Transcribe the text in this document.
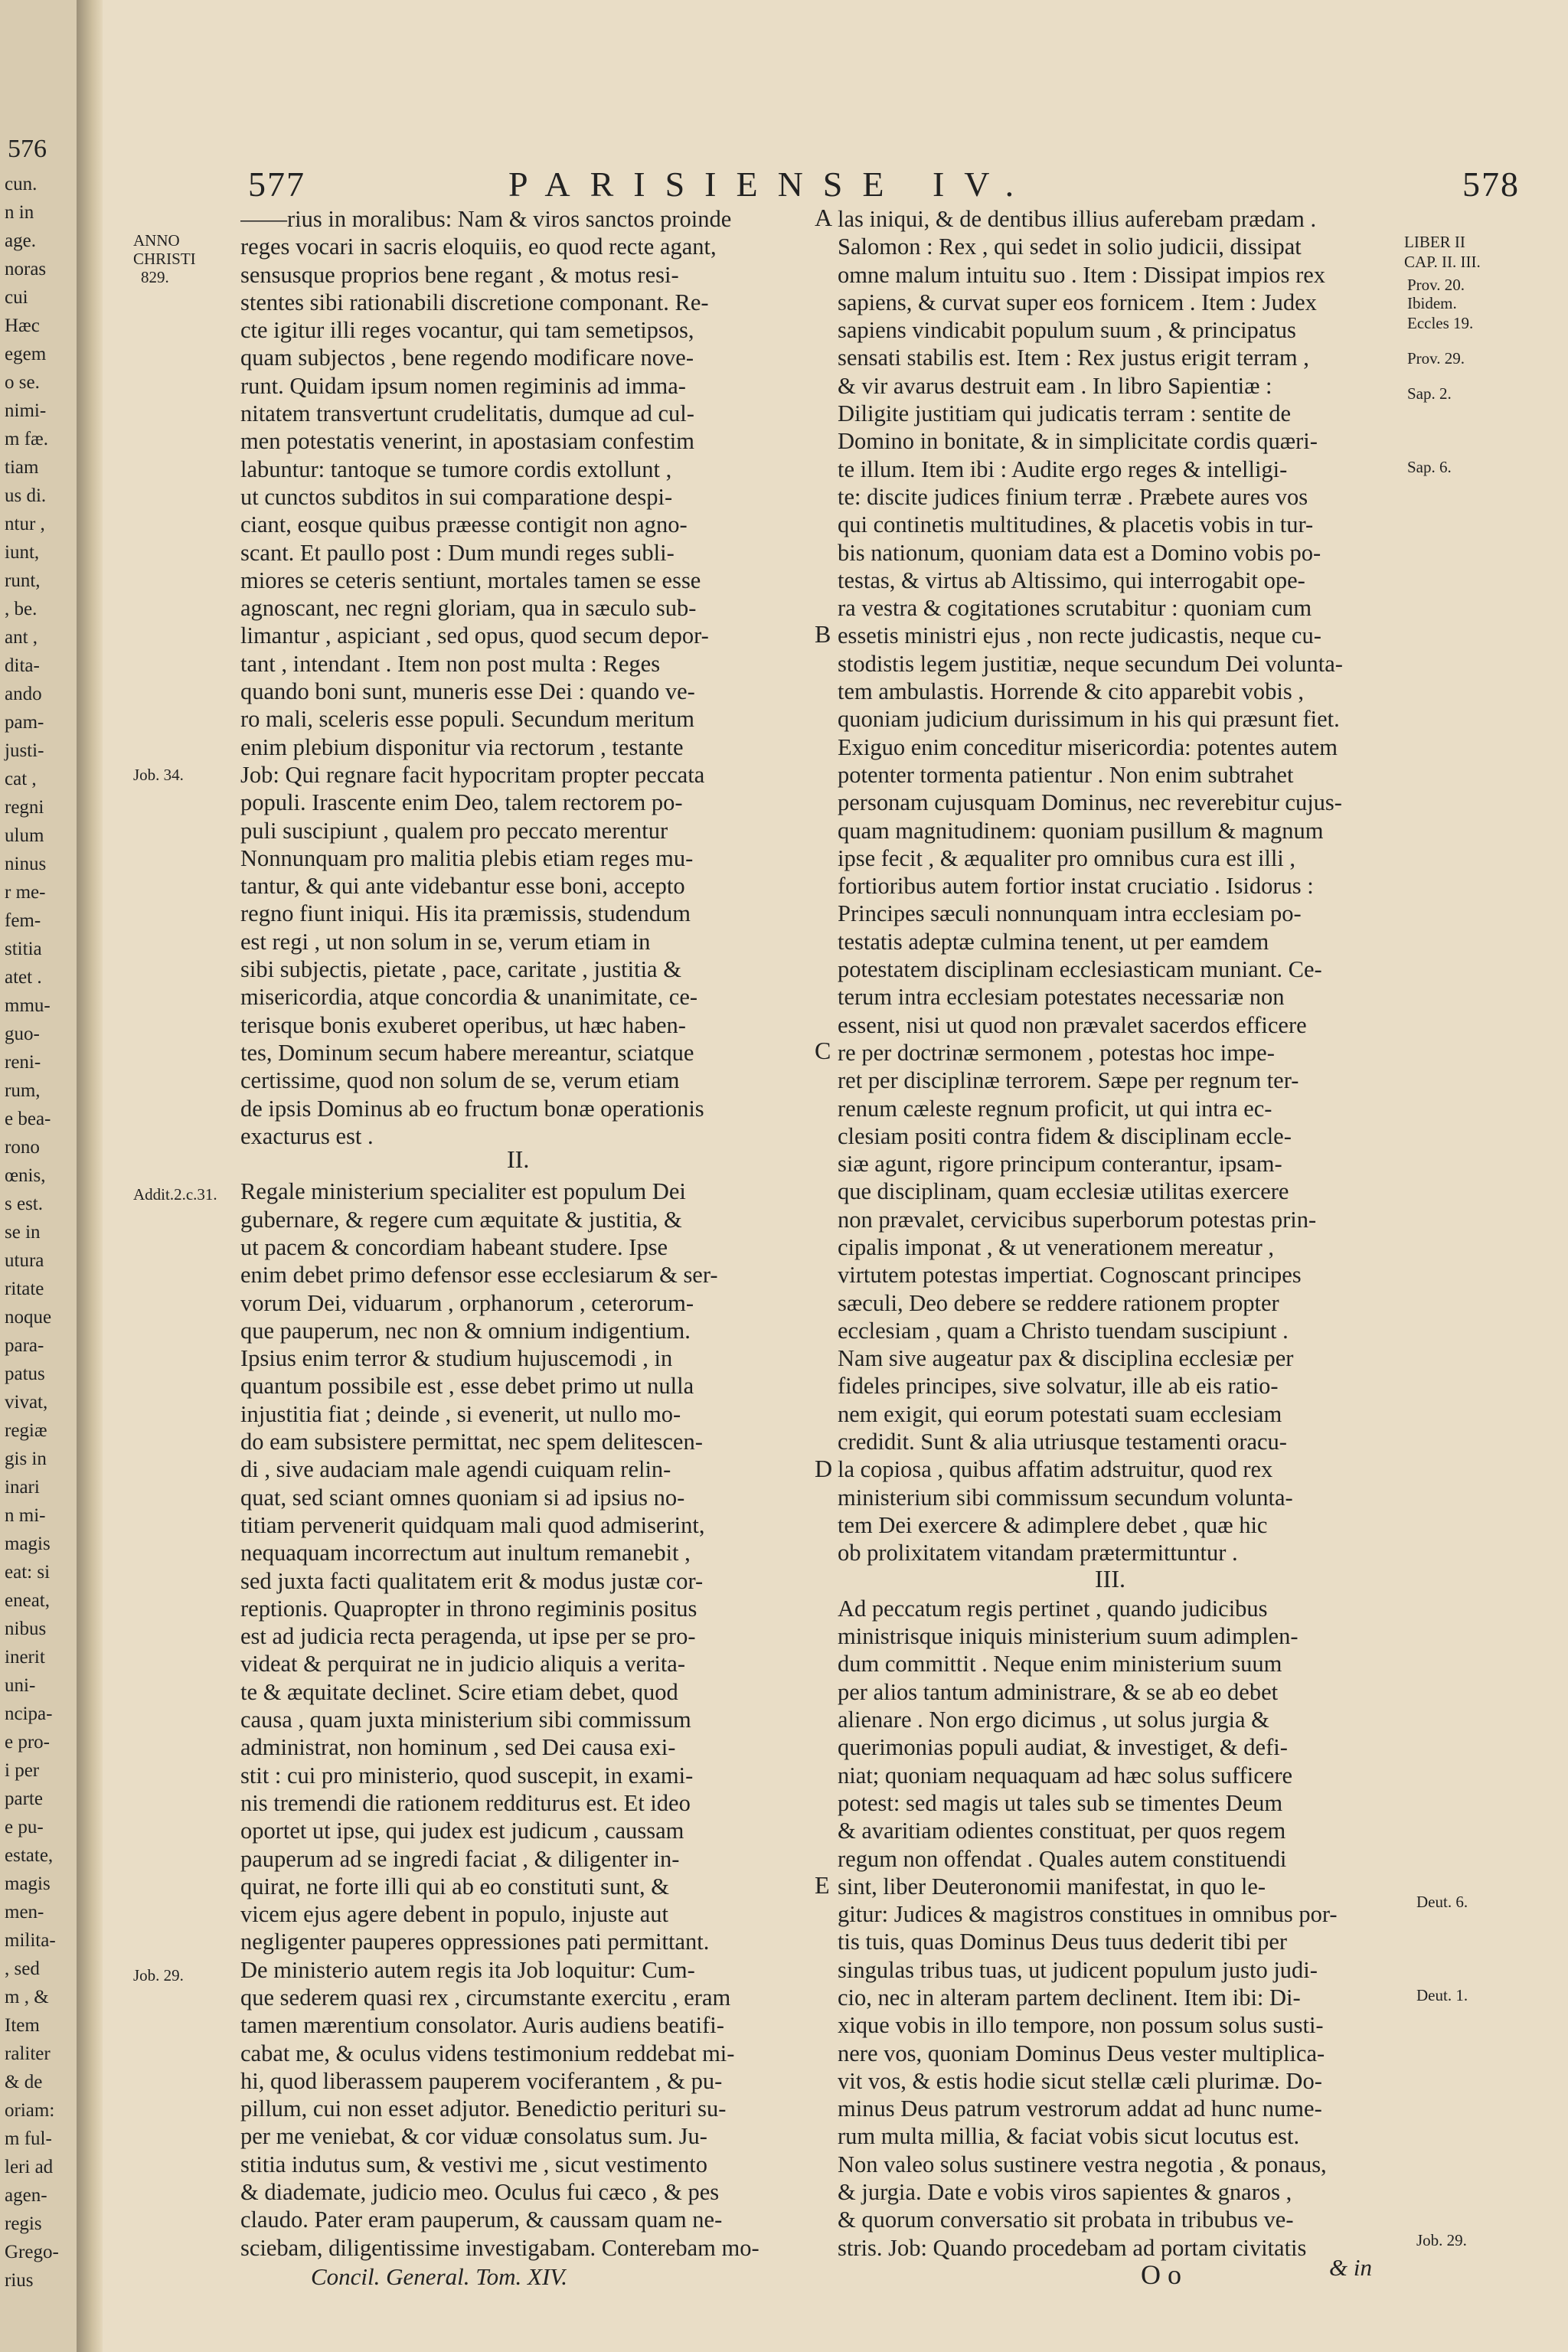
576
cun.
n in
age.
noras
cui
Hæc
egem
o se.
nimi-
m fæ.
tiam
us di.
ntur ,
iunt,
runt,
, be.
ant ,
dita-
ando
pam-
justi-
cat ,
regni
ulum
ninus
r me-
fem-
stitia
atet .
mmu-
guo-
reni-
rum,
e bea-
rono
œnis,
s est.
se in
utura
ritate
noque
para-
patus
vivat,
regiæ
gis in
inari
n mi-
magis
eat: si
eneat,
nibus
inerit
uni-
ncipa-
e pro-
i per
parte
e pu-
estate,
magis
men-
milita-
, sed
m , &
Item
raliter
& de
oriam:
m ful-
leri ad
agen-
regis
Grego-
rius
577	PARISIENSE IV.	578
——rius in moralibus: Nam & viros sanctos proinde
reges vocari in sacris eloquiis, eo quod recte agant,
sensusque proprios bene regant , & motus resi-
stentes sibi rationabili discretione componant. Re-
cte igitur illi reges vocantur, qui tam semetipsos,
quam subjectos , bene regendo modificare nove-
runt. Quidam ipsum nomen regiminis ad imma-
nitatem transvertunt crudelitatis, dumque ad cul-
men potestatis venerint, in apostasiam confestim
labuntur: tantoque se tumore cordis extollunt ,
ut cunctos subditos in sui comparatione despi-
ciant, eosque quibus præesse contigit non agno-
scant. Et paullo post : Dum mundi reges subli-
miores se ceteris sentiunt, mortales tamen se esse
agnoscant, nec regni gloriam, qua in sæculo sub-
limantur , aspiciant , sed opus, quod secum depor-
tant , intendant . Item non post multa : Reges
quando boni sunt, muneris esse Dei : quando ve-
ro mali, sceleris esse populi. Secundum meritum
enim plebium disponitur via rectorum , testante
Job: Qui regnare facit hypocritam propter peccata
populi. Irascente enim Deo, talem rectorem po-
puli suscipiunt , qualem pro peccato merentur
Nonnunquam pro malitia plebis etiam reges mu-
tantur, & qui ante videbantur esse boni, accepto
regno fiunt iniqui. His ita præmissis, studendum
est regi , ut non solum in se, verum etiam in
sibi subjectis, pietate , pace, caritate , justitia &
misericordia, atque concordia & unanimitate, ce-
terisque bonis exuberet operibus, ut hæc haben-
tes, Dominum secum habere mereantur, sciatque
certissime, quod non solum de se, verum etiam
de ipsis Dominus ab eo fructum bonæ operationis
exacturus est .

Regale ministerium specialiter est populum Dei
gubernare, & regere cum æquitate & justitia, &
ut pacem & concordiam habeant studere. Ipse
enim debet primo defensor esse ecclesiarum & ser-
vorum Dei, viduarum , orphanorum , ceterorum-
que pauperum, nec non & omnium indigentium.
Ipsius enim terror & studium hujuscemodi , in
quantum possibile est , esse debet primo ut nulla
injustitia fiat ; deinde , si evenerit, ut nullo mo-
do eam subsistere permittat, nec spem delitescen-
di , sive audaciam male agendi cuiquam relin-
quat, sed sciant omnes quoniam si ad ipsius no-
titiam pervenerit quidquam mali quod admiserint,
nequaquam incorrectum aut inultum remanebit ,
sed juxta facti qualitatem erit & modus justæ cor-
reptionis. Quapropter in throno regiminis positus
est ad judicia recta peragenda, ut ipse per se pro-
videat & perquirat ne in judicio aliquis a verita-
te & æquitate declinet. Scire etiam debet, quod
causa , quam juxta ministerium sibi commissum
administrat, non hominum , sed Dei causa exi-
stit : cui pro ministerio, quod suscepit, in exami-
nis tremendi die rationem redditurus est. Et ideo
oportet ut ipse, qui judex est judicum , caussam
pauperum ad se ingredi faciat , & diligenter in-
quirat, ne forte illi qui ab eo constituti sunt, &
vicem ejus agere debent in populo, injuste aut
negligenter pauperes oppressiones pati permittant.
De ministerio autem regis ita Job loquitur: Cum-
que sederem quasi rex , circumstante exercitu , eram
tamen mærentium consolator. Auris audiens beatifi-
cabat me, & oculus videns testimonium reddebat mi-
hi, quod liberassem pauperem vociferantem , & pu-
pillum, cui non esset adjutor. Benedictio perituri su-
per me veniebat, & cor viduæ consolatus sum. Ju-
stitia indutus sum, & vestivi me , sicut vestimento
& diademate, judicio meo. Oculus fui cæco , & pes
claudo. Pater eram pauperum, & caussam quam ne-
sciebam, diligentissime investigabam. Conterebam mo-
las iniqui, & de dentibus illius auferebam prædam .
Salomon : Rex , qui sedet in solio judicii, dissipat
omne malum intuitu suo . Item : Dissipat impios rex
sapiens, & curvat super eos fornicem . Item : Judex
sapiens vindicabit populum suum , & principatus
sensati stabilis est. Item : Rex justus erigit terram ,
& vir avarus destruit eam . In libro Sapientiæ :
Diligite justitiam qui judicatis terram : sentite de
Domino in bonitate, & in simplicitate cordis quæri-
te illum. Item ibi : Audite ergo reges & intelligi-
te: discite judices finium terræ . Præbete aures vos
qui continetis multitudines, & placetis vobis in tur-
bis nationum, quoniam data est a Domino vobis po-
testas, & virtus ab Altissimo, qui interrogabit ope-
ra vestra & cogitationes scrutabitur : quoniam cum
essetis ministri ejus , non recte judicastis, neque cu-
stodistis legem justitiæ, neque secundum Dei volunta-
tem ambulastis. Horrende & cito apparebit vobis ,
quoniam judicium durissimum in his qui præsunt fiet.
Exiguo enim conceditur misericordia: potentes autem
potenter tormenta patientur . Non enim subtrahet
personam cujusquam Dominus, nec reverebitur cujus-
quam magnitudinem: quoniam pusillum & magnum
ipse fecit , & æqualiter pro omnibus cura est illi ,
fortioribus autem fortior instat cruciatio . Isidorus :
Principes sæculi nonnunquam intra ecclesiam po-
testatis adeptæ culmina tenent, ut per eamdem
potestatem disciplinam ecclesiasticam muniant. Ce-
terum intra ecclesiam potestates necessariæ non
essent, nisi ut quod non prævalet sacerdos efficere
re per doctrinæ sermonem , potestas hoc impe-
ret per disciplinæ terrorem. Sæpe per regnum ter-
renum cæleste regnum proficit, ut qui intra ec-
clesiam positi contra fidem & disciplinam eccle-
siæ agunt, rigore principum conterantur, ipsam-
que disciplinam, quam ecclesiæ utilitas exercere
non prævalet, cervicibus superborum potestas prin-
cipalis imponat , & ut venerationem mereatur ,
virtutem potestas impertiat. Cognoscant principes
sæculi, Deo debere se reddere rationem propter
ecclesiam , quam a Christo tuendam suscipiunt .
Nam sive augeatur pax & disciplina ecclesiæ per
fideles principes, sive solvatur, ille ab eis ratio-
nem exigit, qui eorum potestati suam ecclesiam
credidit. Sunt & alia utriusque testamenti oracu-
la copiosa , quibus affatim adstruitur, quod rex
ministerium sibi commissum secundum volunta-
tem Dei exercere & adimplere debet , quæ hic
ob prolixitatem vitandam prætermittuntur .

Ad peccatum regis pertinet , quando judicibus
ministrisque iniquis ministerium suum adimplen-
dum committit . Neque enim ministerium suum
per alios tantum administrare, & se ab eo debet
alienare . Non ergo dicimus , ut solus jurgia &
querimonias populi audiat, & investiget, & defi-
niat; quoniam nequaquam ad hæc solus sufficere
potest: sed magis ut tales sub se timentes Deum
& avaritiam odientes constituat, per quos regem
regum non offendat . Quales autem constituendi
sint, liber Deuteronomii manifestat, in quo le-
gitur: Judices & magistros constitues in omnibus por-
tis tuis, quas Dominus Deus tuus dederit tibi per
singulas tribus tuas, ut judicent populum justo judi-
cio, nec in alteram partem declinent. Item ibi: Di-
xique vobis in illo tempore, non possum solus susti-
nere vos, quoniam Dominus Deus vester multiplica-
vit vos, & estis hodie sicut stellæ cæli plurimæ. Do-
minus Deus patrum vestrorum addat ad hunc nume-
rum multa millia, & faciat vobis sicut locutus est.
Non valeo solus sustinere vestra negotia , & ponaus,
& jurgia. Date e vobis viros sapientes & gnaros ,
& quorum conversatio sit probata in tribubus ve-
stris. Job: Quando procedebam ad portam civitatis
ANNO
CHRISTI
829.
Job. 34.
Addit.2.c.31.
Job. 29.
LIBER II
CAP. II. III.
Prov. 20.
Ibidem.
Eccles 19.
Prov. 29.
Sap. 2.
Sap. 6.
Deut. 6.
Deut. 1.
Job. 29.
A
B
C
D
E
II.
III.
Concil. General. Tom. XIV.	O o	& in
